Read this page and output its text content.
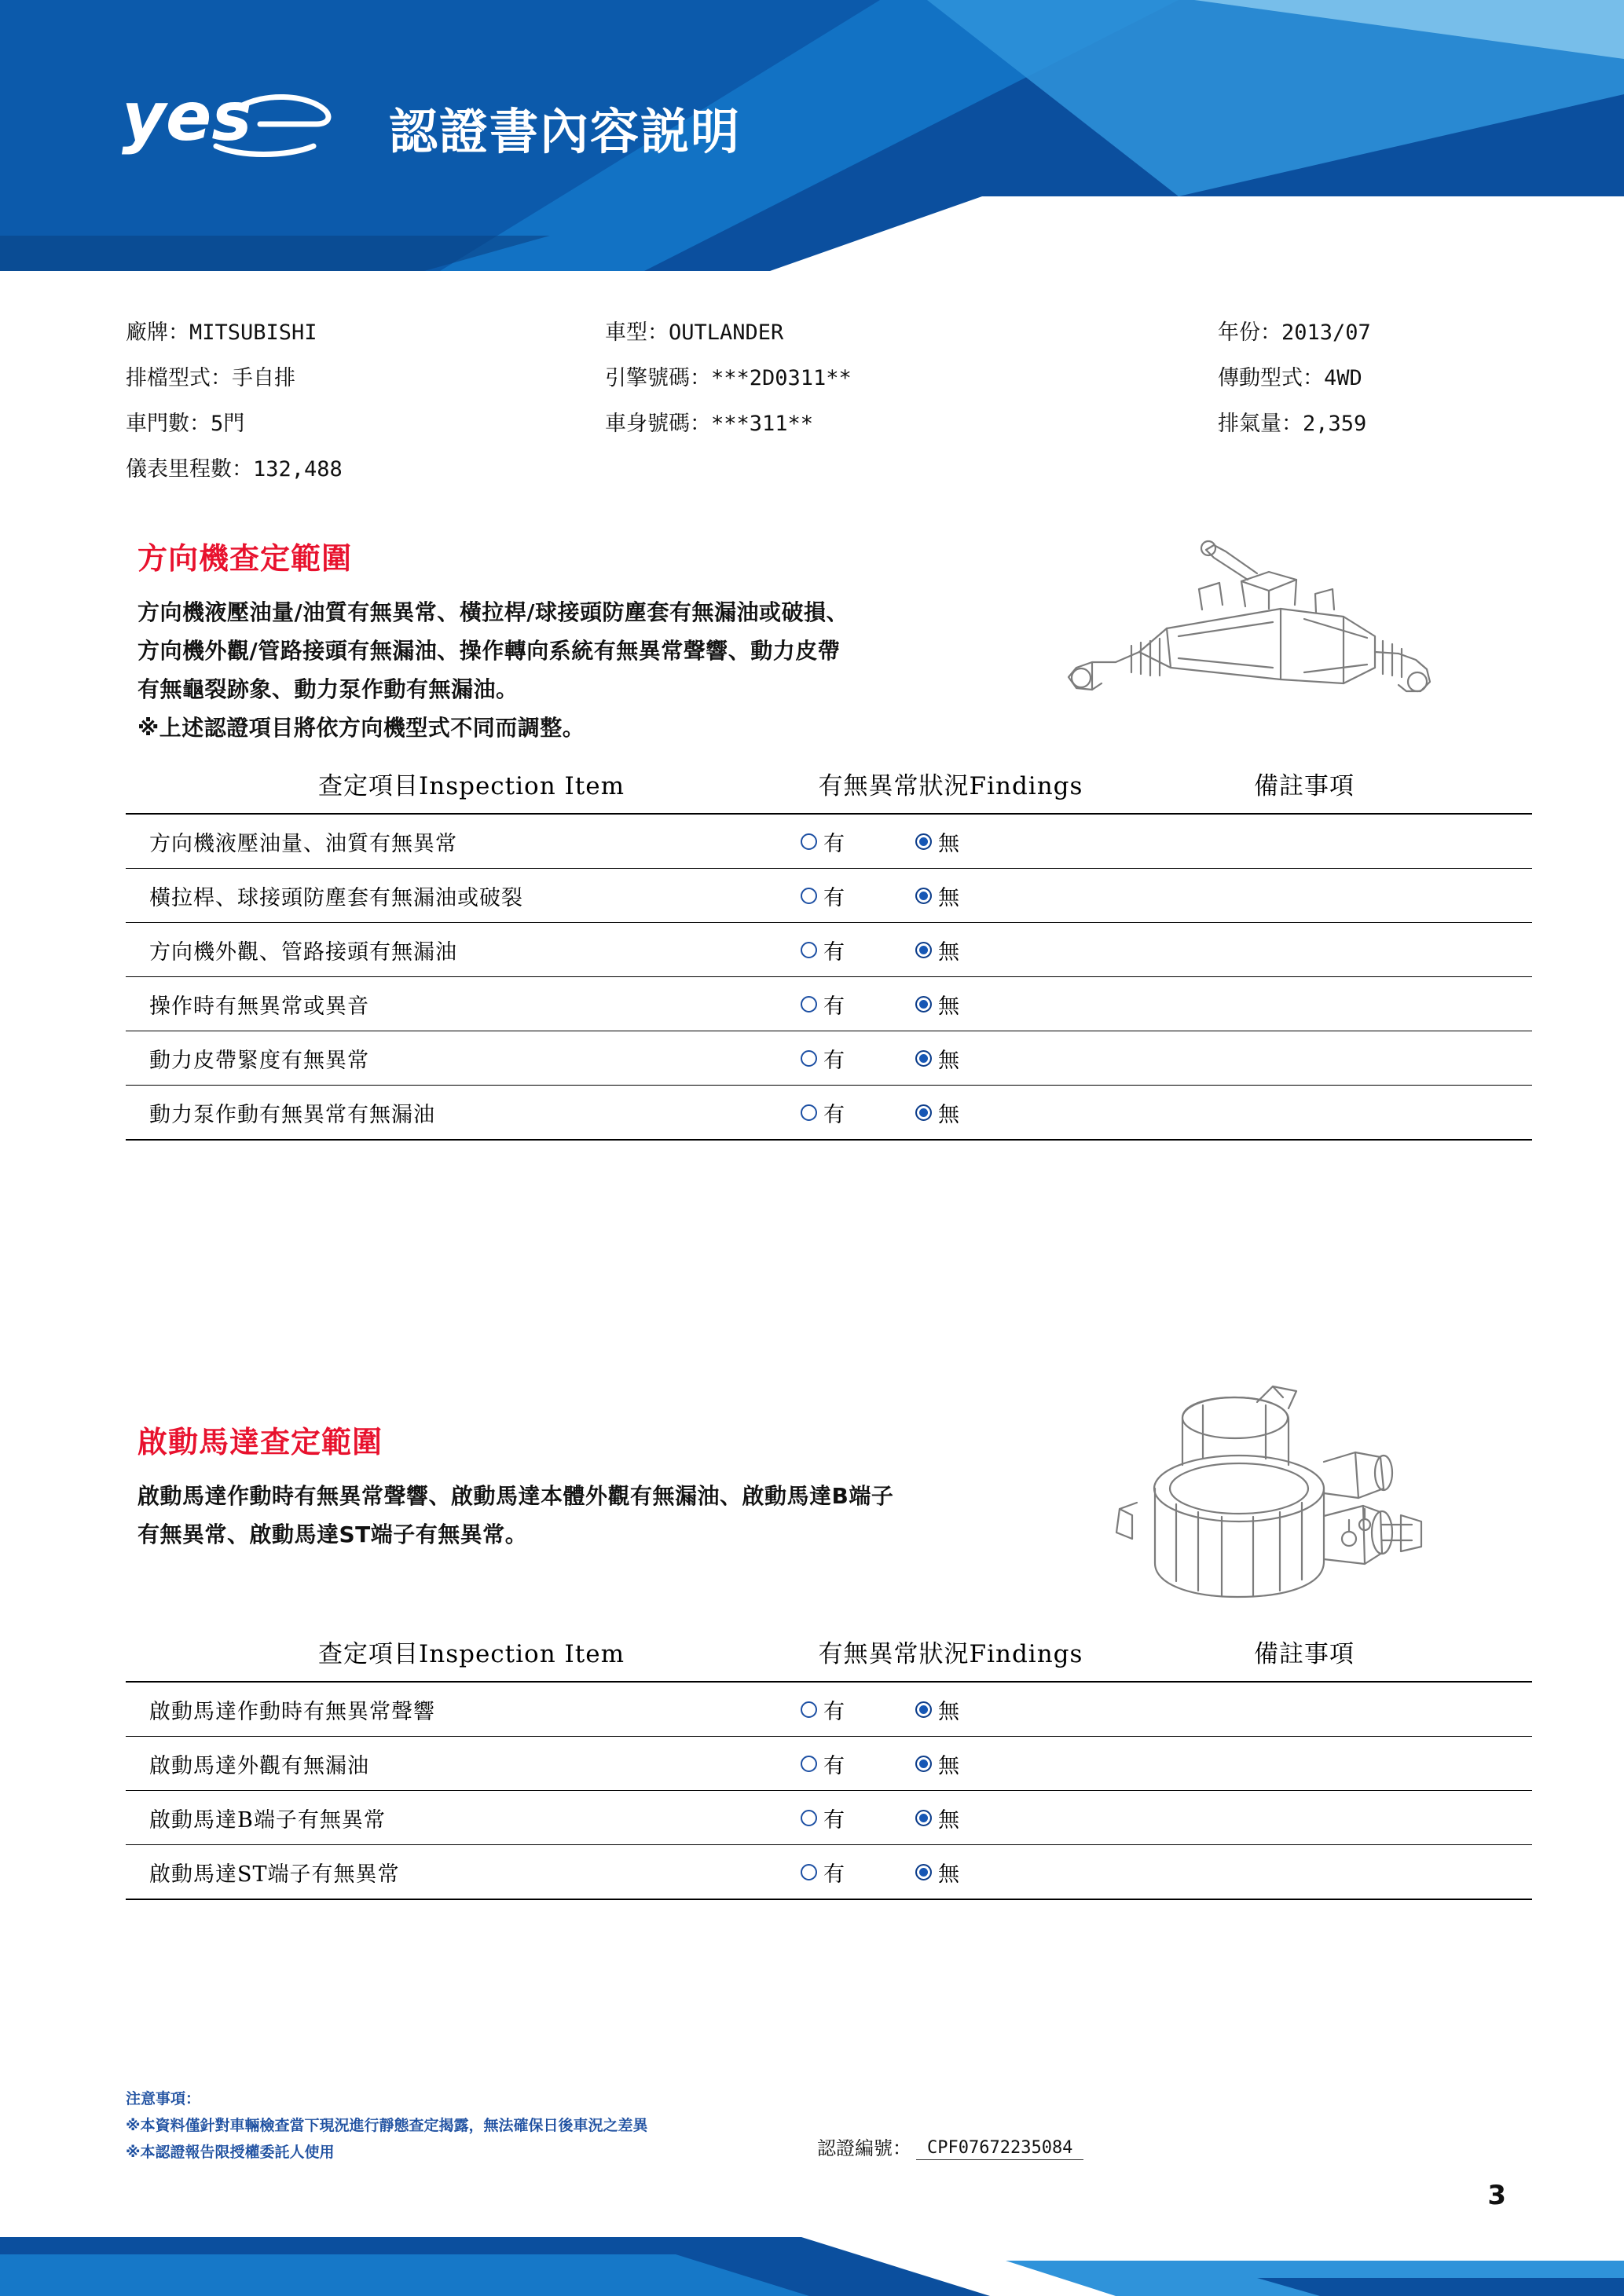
yes	認證書內容説明
廠牌：MITSUBISHI	車型：OUTLANDER	年份：2013/07
排檔型式：手自排	引擎號碼：***2D0311**	傳動型式：4WD
車門數：5門	車身號碼：***311**	排氣量：2,359
儀表里程數：132,488
方向機查定範圍
方向機液壓油量/油質有無異常、橫拉桿/球接頭防塵套有無漏油或破損、
方向機外觀/管路接頭有無漏油、操作轉向系統有無異常聲響、動力皮帶
有無龜裂跡象、動力泵作動有無漏油。
※上述認證項目將依方向機型式不同而調整。
查定項目Inspection Item	有無異常狀況Findings	備註事項
方向機液壓油量、油質有無異常	有	無
橫拉桿、球接頭防塵套有無漏油或破裂	有	無
方向機外觀、管路接頭有無漏油	有	無
操作時有無異常或異音	有	無
動力皮帶緊度有無異常	有	無
動力泵作動有無異常有無漏油	有	無
啟動馬達查定範圍
啟動馬達作動時有無異常聲響、啟動馬達本體外觀有無漏油、啟動馬達B端子
有無異常、啟動馬達ST端子有無異常。
查定項目Inspection Item	有無異常狀況Findings	備註事項
啟動馬達作動時有無異常聲響	有	無
啟動馬達外觀有無漏油	有	無
啟動馬達B端子有無異常	有	無
啟動馬達ST端子有無異常	有	無
注意事項：
※本資料僅針對車輛檢查當下現況進行靜態查定揭露，無法確保日後車況之差異
※本認證報告限授權委託人使用	認證編號： CPF07672235084
3
